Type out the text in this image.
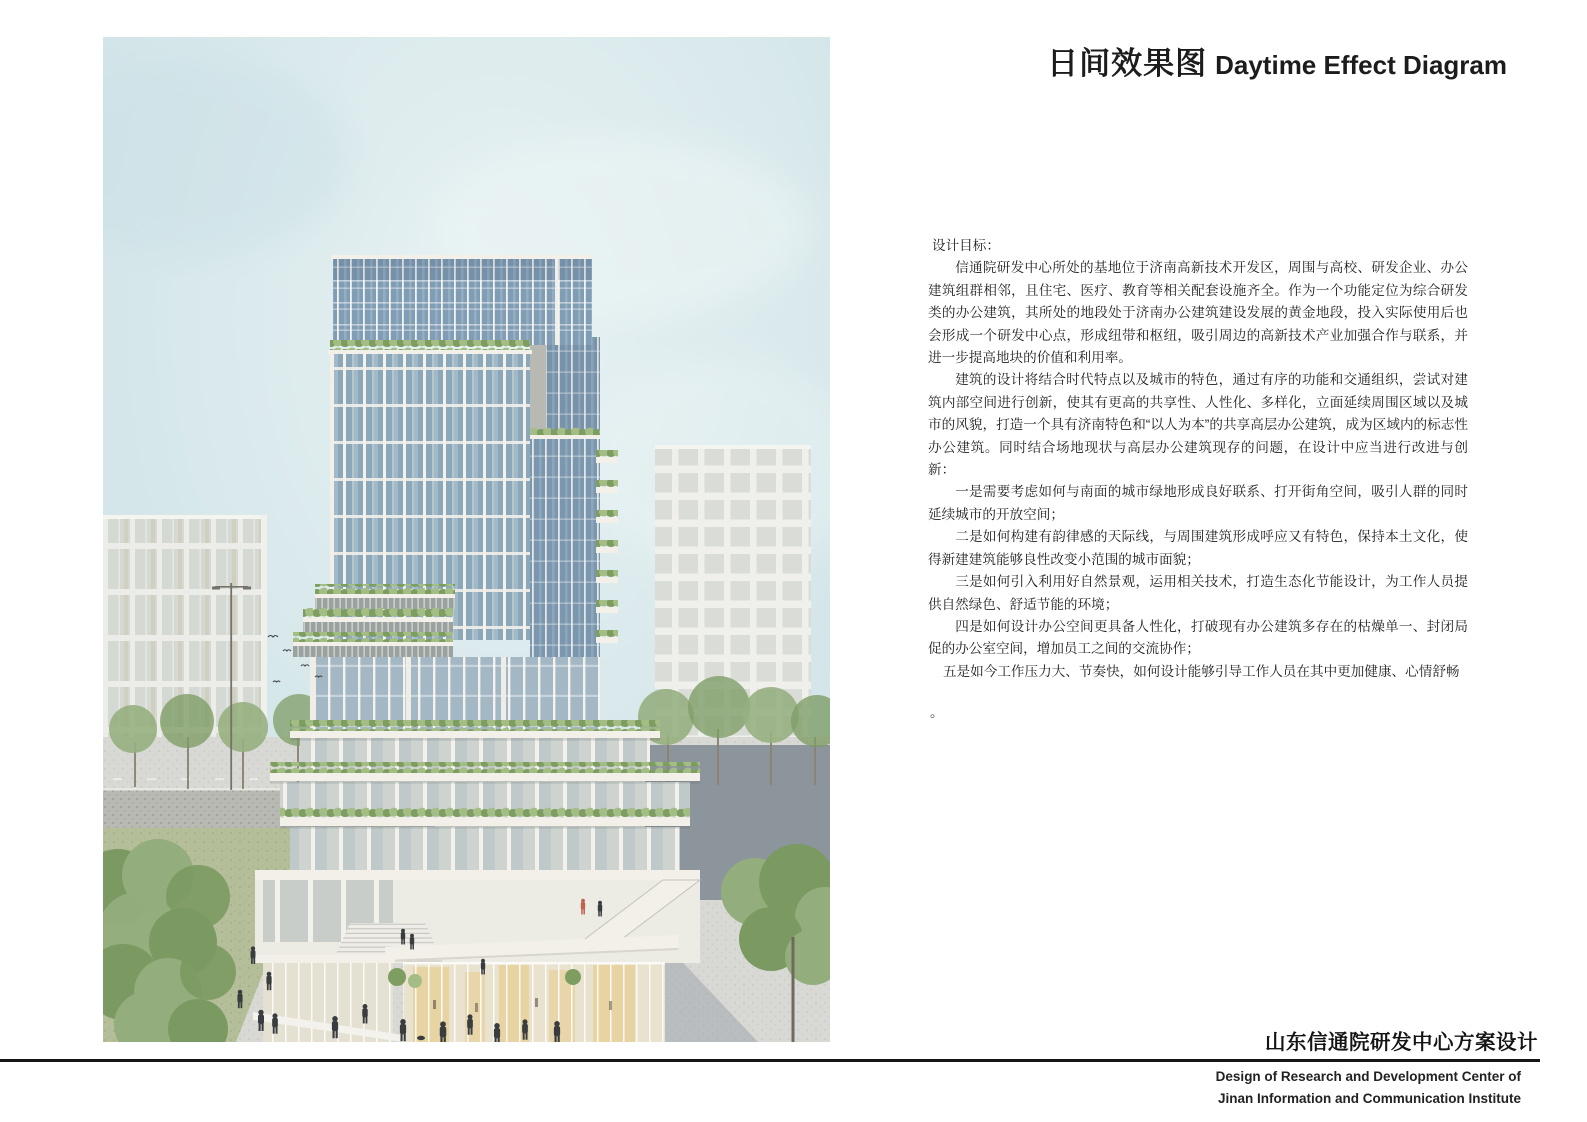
日间效果图 Daytime Effect Diagram

设计目标：

信通院研发中心所处的基地位于济南高新技术开发区，周围与高校、研发企业、办公建筑组群相邻，且住宅、医疗、教育等相关配套设施齐全。作为一个功能定位为综合研发类的办公建筑，其所处的地段处于济南办公建筑建设发展的黄金地段，投入实际使用后也会形成一个研发中心点，形成纽带和枢纽，吸引周边的高新技术产业加强合作与联系，并进一步提高地块的价值和利用率。

建筑的设计将结合时代特点以及城市的特色，通过有序的功能和交通组织，尝试对建筑内部空间进行创新，使其有更高的共享性、人性化、多样化，立面延续周围区域以及城市的风貌，打造一个具有济南特色和“以人为本”的共享高层办公建筑，成为区域内的标志性办公建筑。同时结合场地现状与高层办公建筑现存的问题，在设计中应当进行改进与创新：

一是需要考虑如何与南面的城市绿地形成良好联系、打开街角空间，吸引人群的同时延续城市的开放空间；

二是如何构建有韵律感的天际线，与周围建筑形成呼应又有特色，保持本土文化，使得新建建筑能够良性改变小范围的城市面貌；

三是如何引入利用好自然景观，运用相关技术，打造生态化节能设计，为工作人员提供自然绿色、舒适节能的环境；

四是如何设计办公空间更具备人性化，打破现有办公建筑多存在的枯燥单一、封闭局促的办公室空间，增加员工之间的交流协作；

五是如今工作压力大、节奏快，如何设计能够引导工作人员在其中更加健康、心情舒畅

。

山东信通院研发中心方案设计
Design of Research and Development Center of
Jinan Information and Communication Institute
